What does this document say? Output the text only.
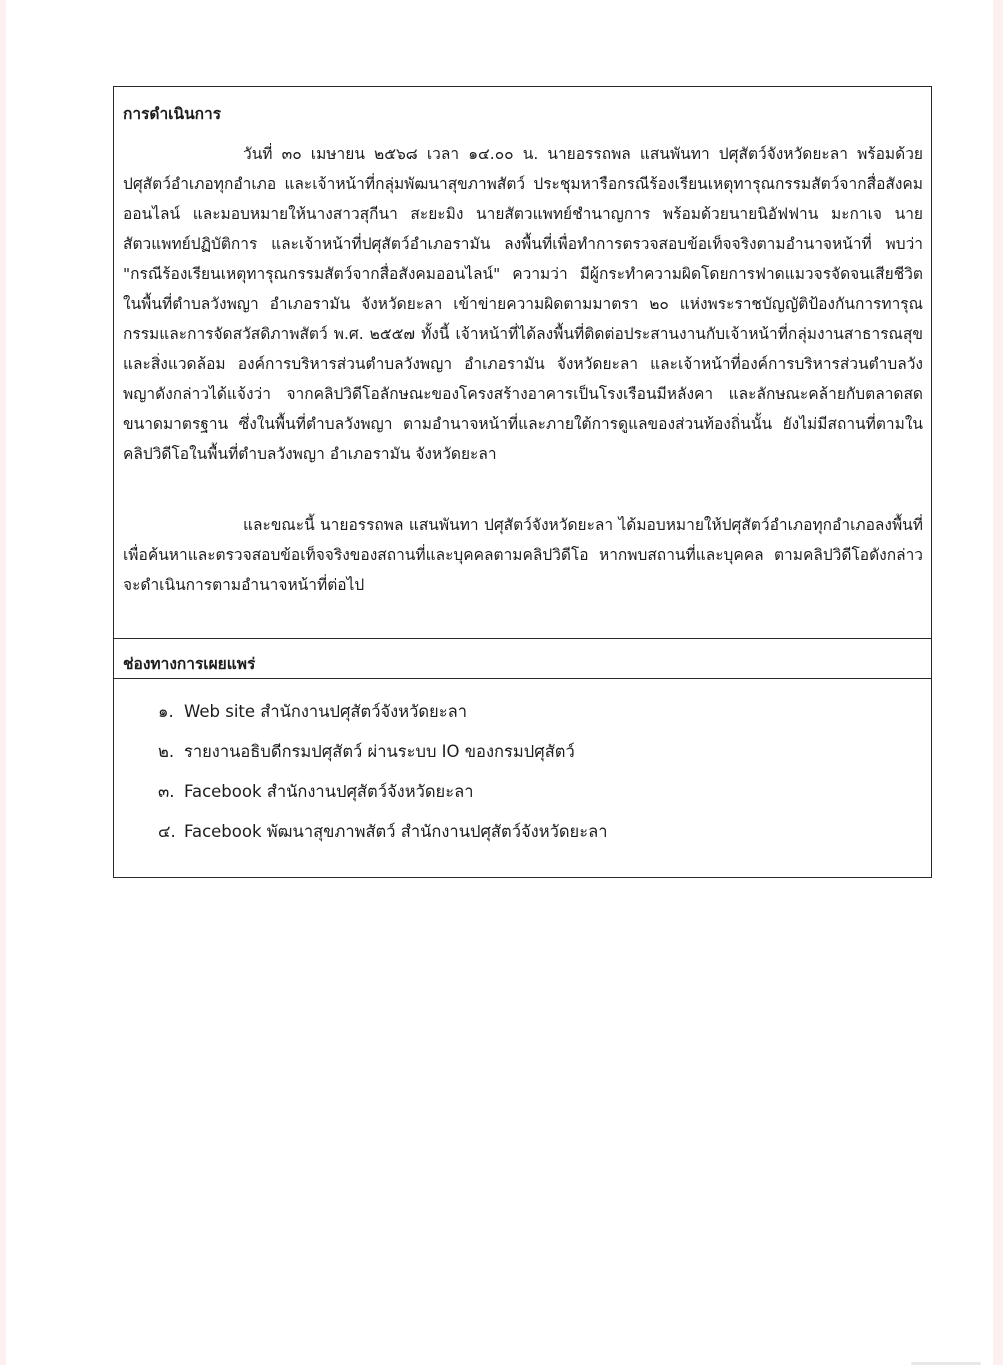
การดำเนินการ

วันที่ ๓๐ เมษายน ๒๕๖๘ เวลา ๑๔.๐๐ น. นายอรรถพล แสนพันทา ปศุสัตว์จังหวัดยะลา พร้อมด้วยปศุสัตว์อำเภอทุกอำเภอ และเจ้าหน้าที่กลุ่มพัฒนาสุขภาพสัตว์ ประชุมหารือกรณีร้องเรียนเหตุทารุณกรรมสัตว์จากสื่อสังคมออนไลน์ และมอบหมายให้นางสาวสุกีนา สะยะมิง นายสัตวแพทย์ชำนาญการ พร้อมด้วยนายนิอัฟฟาน มะกาเจ นายสัตวแพทย์ปฏิบัติการ และเจ้าหน้าที่ปศุสัตว์อำเภอรามัน ลงพื้นที่เพื่อทำการตรวจสอบข้อเท็จจริงตามอำนาจหน้าที่ พบว่า "กรณีร้องเรียนเหตุทารุณกรรมสัตว์จากสื่อสังคมออนไลน์" ความว่า มีผู้กระทำความผิดโดยการฟาดแมวจรจัดจนเสียชีวิตในพื้นที่ตำบลวังพญา อำเภอรามัน จังหวัดยะลา เข้าข่ายความผิดตามมาตรา ๒๐ แห่งพระราชบัญญัติป้องกันการทารุณกรรมและการจัดสวัสดิภาพสัตว์ พ.ศ. ๒๕๕๗ ทั้งนี้ เจ้าหน้าที่ได้ลงพื้นที่ติดต่อประสานงานกับเจ้าหน้าที่กลุ่มงานสาธารณสุขและสิ่งแวดล้อม องค์การบริหารส่วนตำบลวังพญา อำเภอรามัน จังหวัดยะลา และเจ้าหน้าที่องค์การบริหารส่วนตำบลวังพญาดังกล่าวได้แจ้งว่า จากคลิปวิดีโอลักษณะของโครงสร้างอาคารเป็นโรงเรือนมีหลังคา และลักษณะคล้ายกับตลาดสดขนาดมาตรฐาน ซึ่งในพื้นที่ตำบลวังพญา ตามอำนาจหน้าที่และภายใต้การดูแลของส่วนท้องถิ่นนั้น ยังไม่มีสถานที่ตามในคลิปวิดีโอในพื้นที่ตำบลวังพญา อำเภอรามัน จังหวัดยะลา

และขณะนี้ นายอรรถพล แสนพันทา ปศุสัตว์จังหวัดยะลา ได้มอบหมายให้ปศุสัตว์อำเภอทุกอำเภอลงพื้นที่เพื่อค้นหาและตรวจสอบข้อเท็จจริงของสถานที่และบุคคลตามคลิปวิดีโอ หากพบสถานที่และบุคคล ตามคลิปวิดีโอดังกล่าวจะดำเนินการตามอำนาจหน้าที่ต่อไป

ช่องทางการเผยแพร่
๑. Web site สำนักงานปศุสัตว์จังหวัดยะลา
๒. รายงานอธิบดีกรมปศุสัตว์ ผ่านระบบ IO ของกรมปศุสัตว์
๓. Facebook สำนักงานปศุสัตว์จังหวัดยะลา
๔. Facebook พัฒนาสุขภาพสัตว์ สำนักงานปศุสัตว์จังหวัดยะลา
